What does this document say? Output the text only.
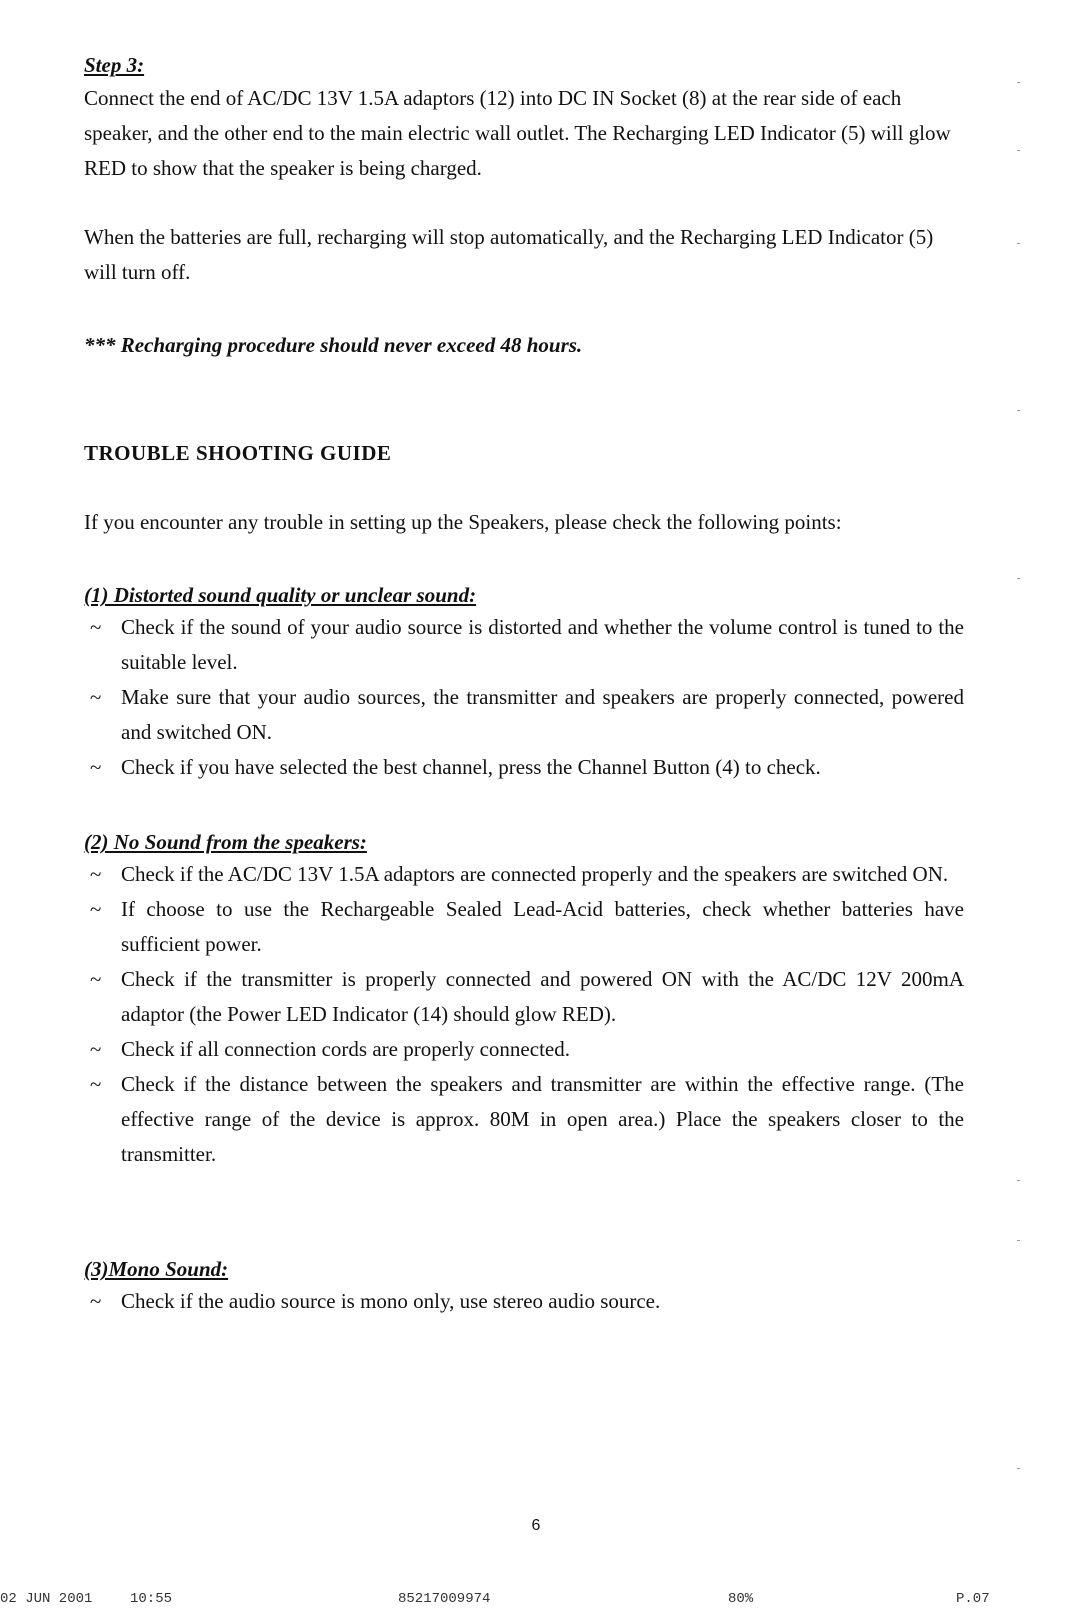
Step 3:
Connect the end of AC/DC 13V 1.5A adaptors (12) into DC IN Socket (8) at the rear side of each speaker, and the other end to the main electric wall outlet. The Recharging LED Indicator (5) will glow RED to show that the speaker is being charged.
When the batteries are full, recharging will stop automatically, and the Recharging LED Indicator (5) will turn off.
*** Recharging procedure should never exceed 48 hours.
TROUBLE SHOOTING GUIDE
If you encounter any trouble in setting up the Speakers, please check the following points:
(1) Distorted sound quality or unclear sound:
~ Check if the sound of your audio source is distorted and whether the volume control is tuned to the suitable level.
~ Make sure that your audio sources, the transmitter and speakers are properly connected, powered and switched ON.
~ Check if you have selected the best channel, press the Channel Button (4) to check.
(2) No Sound from the speakers:
~ Check if the AC/DC 13V 1.5A adaptors are connected properly and the speakers are switched ON.
~ If choose to use the Rechargeable Sealed Lead-Acid batteries, check whether batteries have sufficient power.
~ Check if the transmitter is properly connected and powered ON with the AC/DC 12V 200mA adaptor (the Power LED Indicator (14) should glow RED).
~ Check if all connection cords are properly connected.
~ Check if the distance between the speakers and transmitter are within the effective range. (The effective range of the device is approx. 80M in open area.) Place the speakers closer to the transmitter.
(3)Mono Sound:
~ Check if the audio source is mono only, use stereo audio source.
6
02 JUN 2001	10:55	85217009974	80%	P.07
